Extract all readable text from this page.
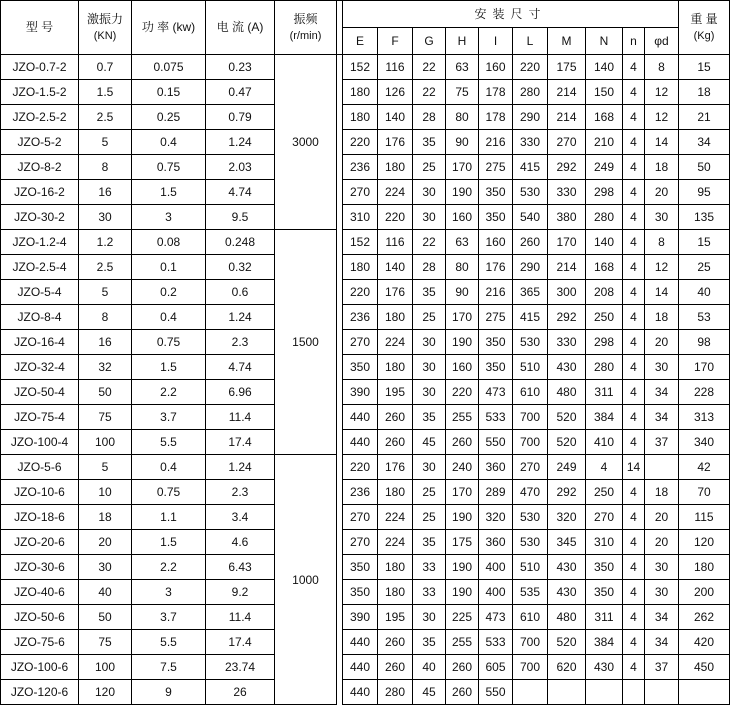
型 号	激振力
(KN)	功 率 (kw)	电 流 (A)	振频
(r/min)		安装尺寸										重 量
(Kg)

						E	F	G	H	I	L	M	N	n	φd	
JZO-0.7-2	0.7	0.075	0.23	3000		152	116	22	63	160	220	175	140	4	8	15
JZO-1.5-2	1.5	0.15	0.47			180	126	22	75	178	280	214	150	4	12	18
JZO-2.5-2	2.5	0.25	0.79			180	140	28	80	178	290	214	168	4	12	21
JZO-5-2	5	0.4	1.24			220	176	35	90	216	330	270	210	4	14	34
JZO-8-2	8	0.75	2.03			236	180	25	170	275	415	292	249	4	18	50
JZO-16-2	16	1.5	4.74			270	224	30	190	350	530	330	298	4	20	95
JZO-30-2	30	3	9.5			310	220	30	160	350	540	380	280	4	30	135
JZO-1.2-4	1.2	0.08	0.248	1500		152	116	22	63	160	260	170	140	4	8	15
JZO-2.5-4	2.5	0.1	0.32			180	140	28	80	176	290	214	168	4	12	25
JZO-5-4	5	0.2	0.6			220	176	35	90	216	365	300	208	4	14	40
JZO-8-4	8	0.4	1.24			236	180	25	170	275	415	292	250	4	18	53
JZO-16-4	16	0.75	2.3			270	224	30	190	350	530	330	298	4	20	98
JZO-32-4	32	1.5	4.74			350	180	30	160	350	510	430	280	4	30	170
JZO-50-4	50	2.2	6.96			390	195	30	220	473	610	480	311	4	34	228
JZO-75-4	75	3.7	11.4			440	260	35	255	533	700	520	384	4	34	313
JZO-100-4	100	5.5	17.4			440	260	45	260	550	700	520	410	4	37	340
JZO-5-6	5	0.4	1.24	1000		220	176	30	240	360	270	249	4	14		42
JZO-10-6	10	0.75	2.3			236	180	25	170	289	470	292	250	4	18	70
JZO-18-6	18	1.1	3.4			270	224	25	190	320	530	320	270	4	20	115
JZO-20-6	20	1.5	4.6			270	224	35	175	360	530	345	310	4	20	120
JZO-30-6	30	2.2	6.43			350	180	33	190	400	510	430	350	4	30	180
JZO-40-6	40	3	9.2			350	180	33	190	400	535	430	350	4	30	200
JZO-50-6	50	3.7	11.4			390	195	30	225	473	610	480	311	4	34	262
JZO-75-6	75	5.5	17.4			440	260	35	255	533	700	520	384	4	34	420
JZO-100-6	100	7.5	23.74			440	260	40	260	605	700	620	430	4	37	450
JZO-120-6	120	9	26			440	280	45	260	550						
